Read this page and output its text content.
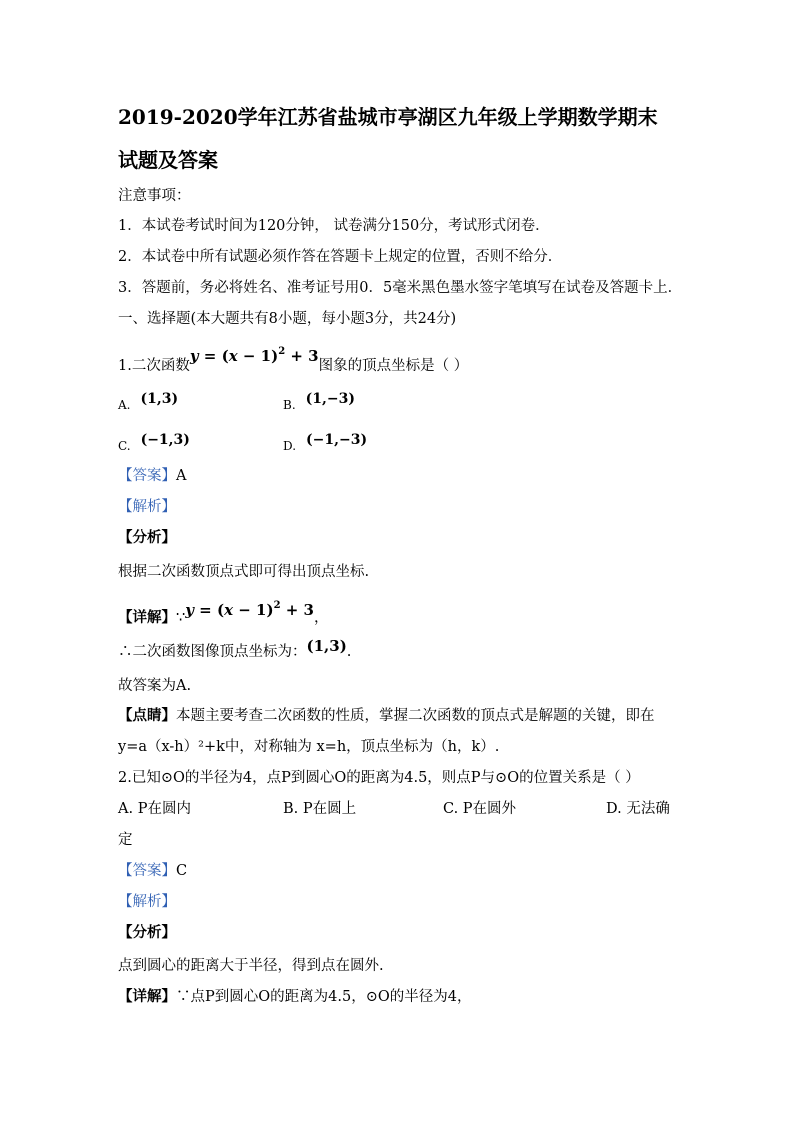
2019-2020学年江苏省盐城市亭湖区九年级上学期数学期末
试题及答案
注意事项：
1．本试卷考试时间为120分钟， 试卷满分150分，考试形式闭卷．
2．本试卷中所有试题必须作答在答题卡上规定的位置，否则不给分．
3．答题前，务必将姓名、准考证号用0．5毫米黑色墨水签字笔填写在试卷及答题卡上．
一、选择题(本大题共有8小题，每小题3分，共24分)
1.二次函数$y = (x - 1)^2 + 3$图象的顶点坐标是（ ）
A. (1,3)	B. (1,−3)
C. (−1,3)	D. (−1,−3)
【答案】A
【解析】
【分析】
根据二次函数顶点式即可得出顶点坐标.
【详解】∵y = $(x - 1)^2 + 3$，
∴二次函数图像顶点坐标为：(1,3).
故答案为A.
【点睛】本题主要考查二次函数的性质，掌握二次函数的顶点式是解题的关键，即在
y=a（x-h）²+k中，对称轴为 x=h，顶点坐标为（h，k）.
2.已知⊙O的半径为4，点P到圆心O的距离为4.5，则点P与⊙O的位置关系是（ ）
A. P在圆内	B. P在圆上	C. P在圆外	D. 无法确
定
【答案】C
【解析】
【分析】
点到圆心的距离大于半径，得到点在圆外.
【详解】∵点P到圆心O的距离为4.5，⊙O的半径为4，
